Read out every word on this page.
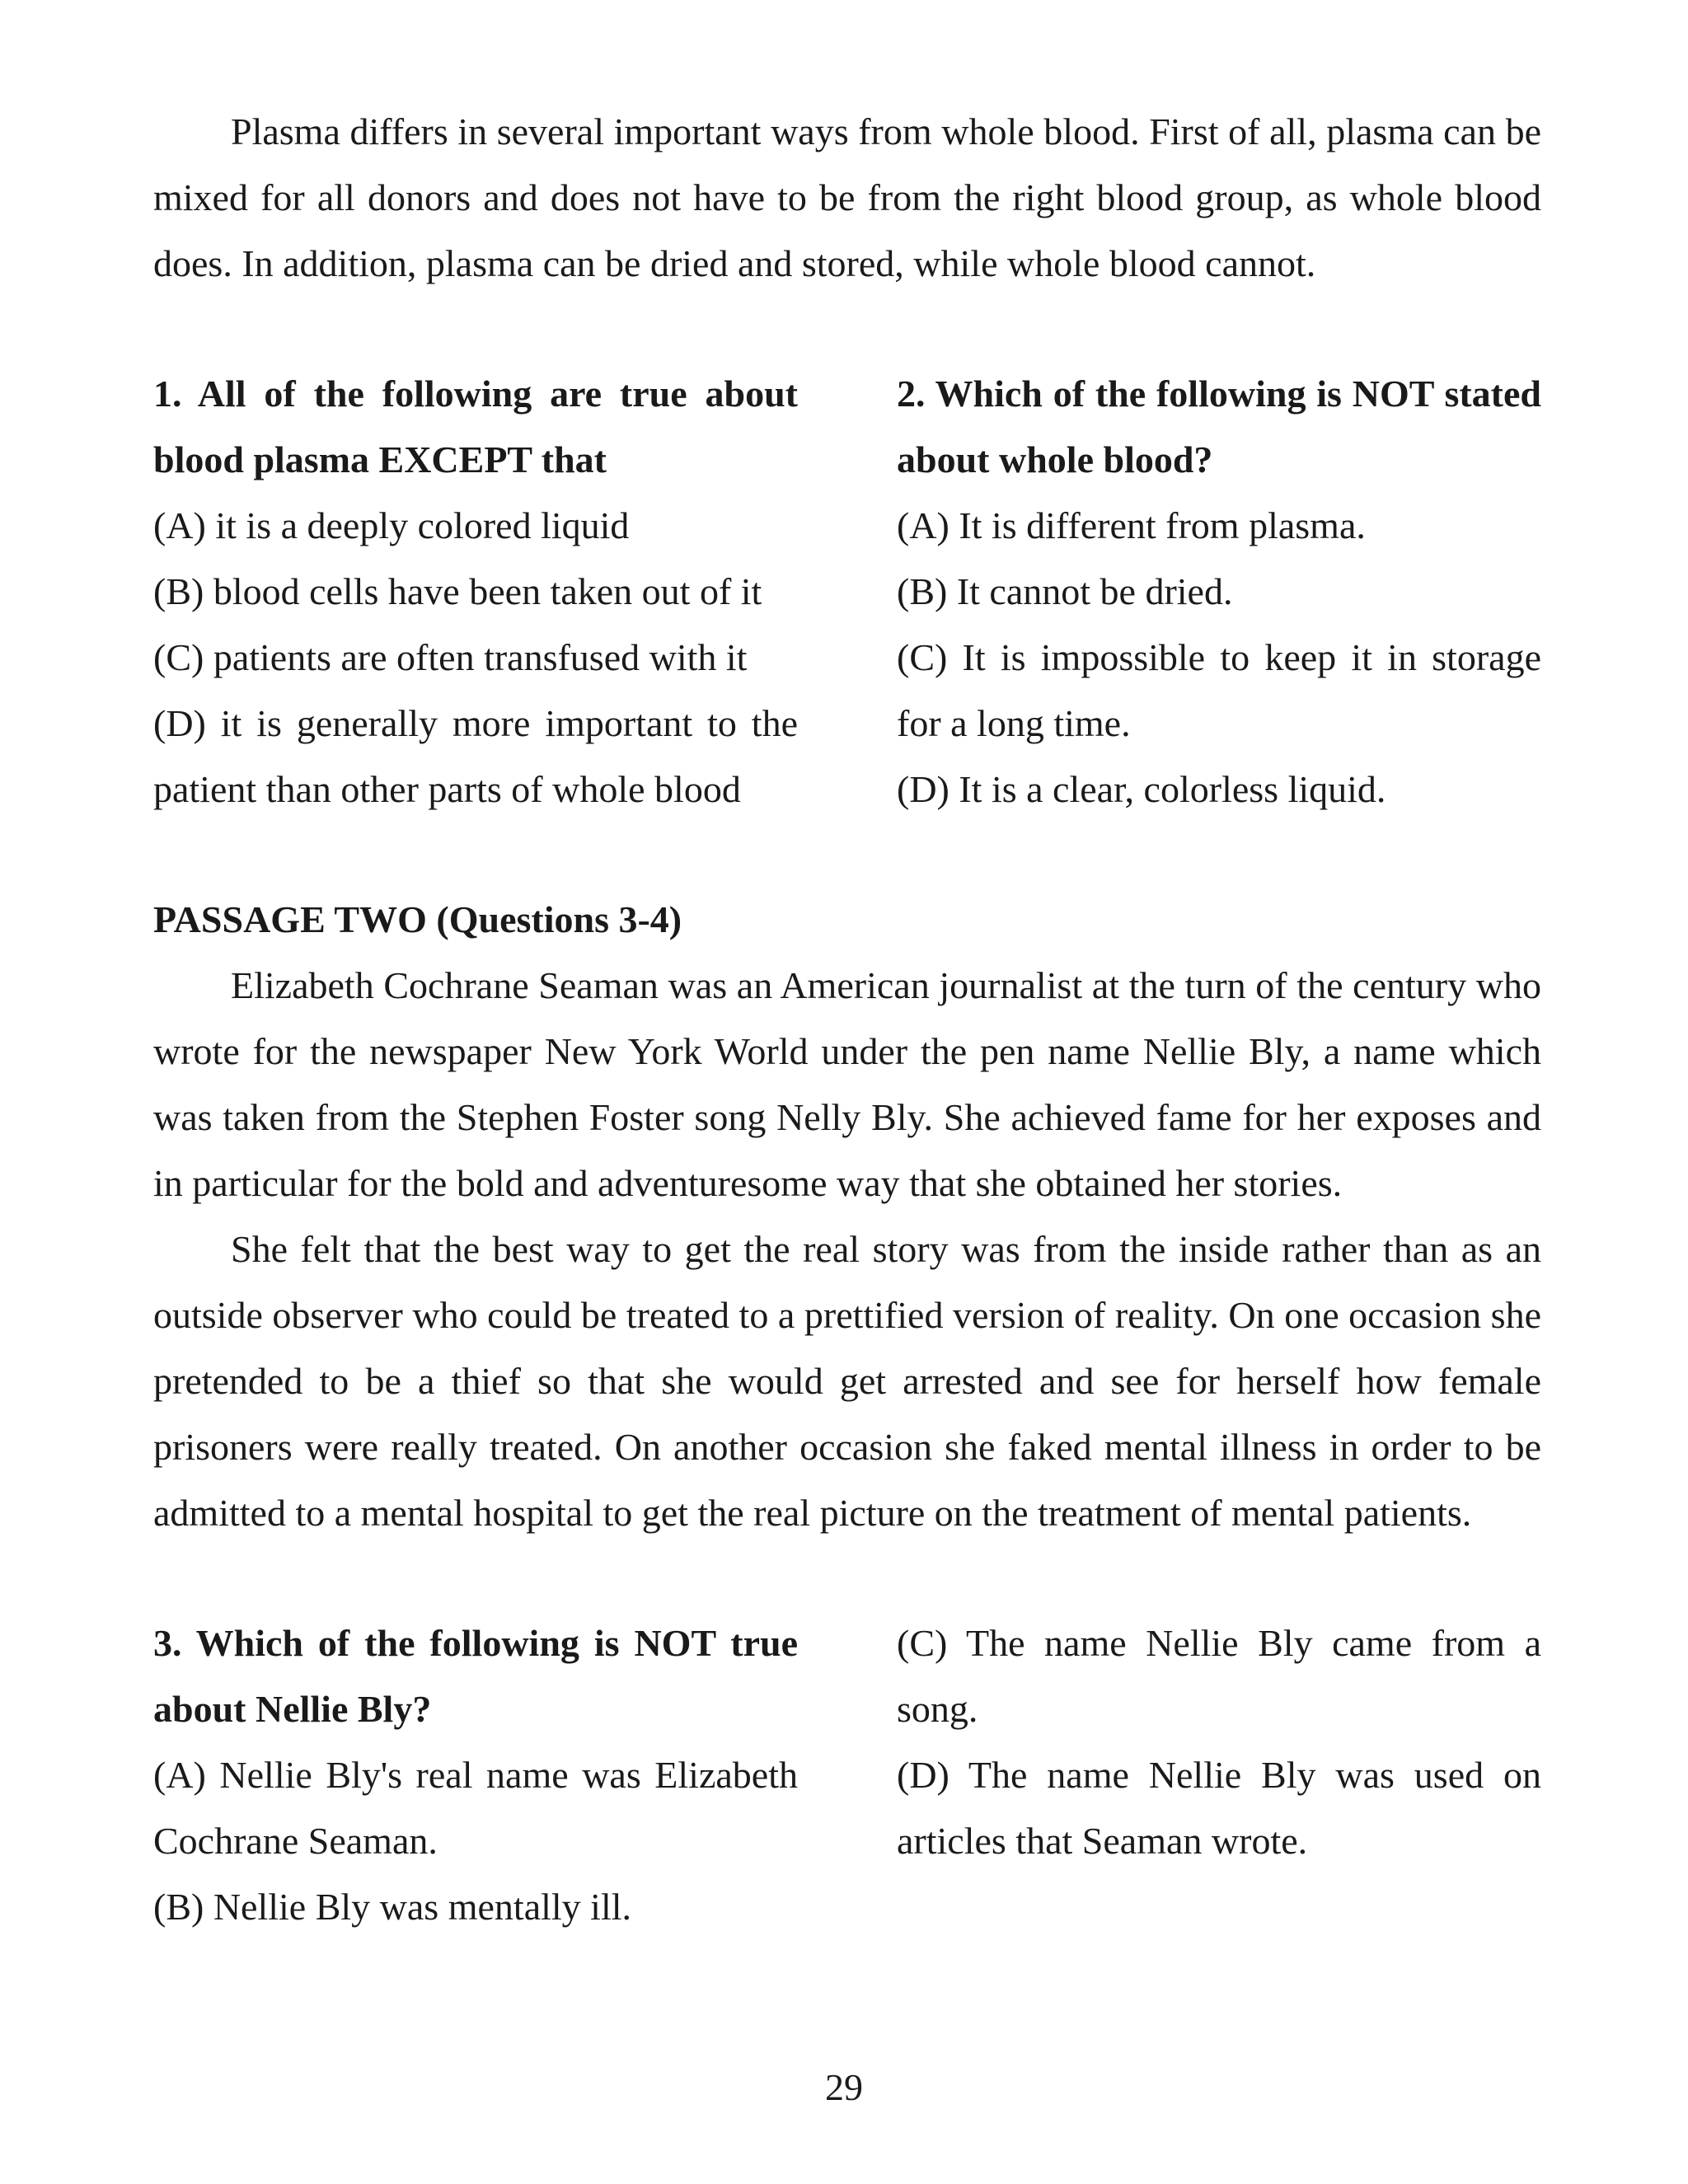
Plasma differs in several important ways from whole blood. First of all, plasma can be mixed for all donors and does not have to be from the right blood group, as whole blood does. In addition, plasma can be dried and stored, while whole blood cannot.

1. All of the following are true about blood plasma EXCEPT that

(A) it is a deeply colored liquid

(B) blood cells have been taken out of it

(C) patients are often transfused with it

(D) it is generally more important to the patient than other parts of whole blood

2. Which of the following is NOT stated about whole blood?

(A) It is different from plasma.

(B) It cannot be dried.

(C) It is impossible to keep it in storage for a long time.

(D) It is a clear, colorless liquid.

PASSAGE TWO (Questions 3-4)

Elizabeth Cochrane Seaman was an American journalist at the turn of the century who wrote for the newspaper New York World under the pen name Nellie Bly, a name which was taken from the Stephen Foster song Nelly Bly. She achieved fame for her exposes and in particular for the bold and adventuresome way that she obtained her stories.

She felt that the best way to get the real story was from the inside rather than as an outside observer who could be treated to a prettified version of reality. On one occasion she pretended to be a thief so that she would get arrested and see for herself how female prisoners were really treated. On another occasion she faked mental illness in order to be admitted to a mental hospital to get the real picture on the treatment of mental patients.

3. Which of the following is NOT true about Nellie Bly?

(A) Nellie Bly's real name was Elizabeth Cochrane Seaman.

(B) Nellie Bly was mentally ill.

(C) The name Nellie Bly came from a song.

(D) The name Nellie Bly was used on articles that Seaman wrote.

29
